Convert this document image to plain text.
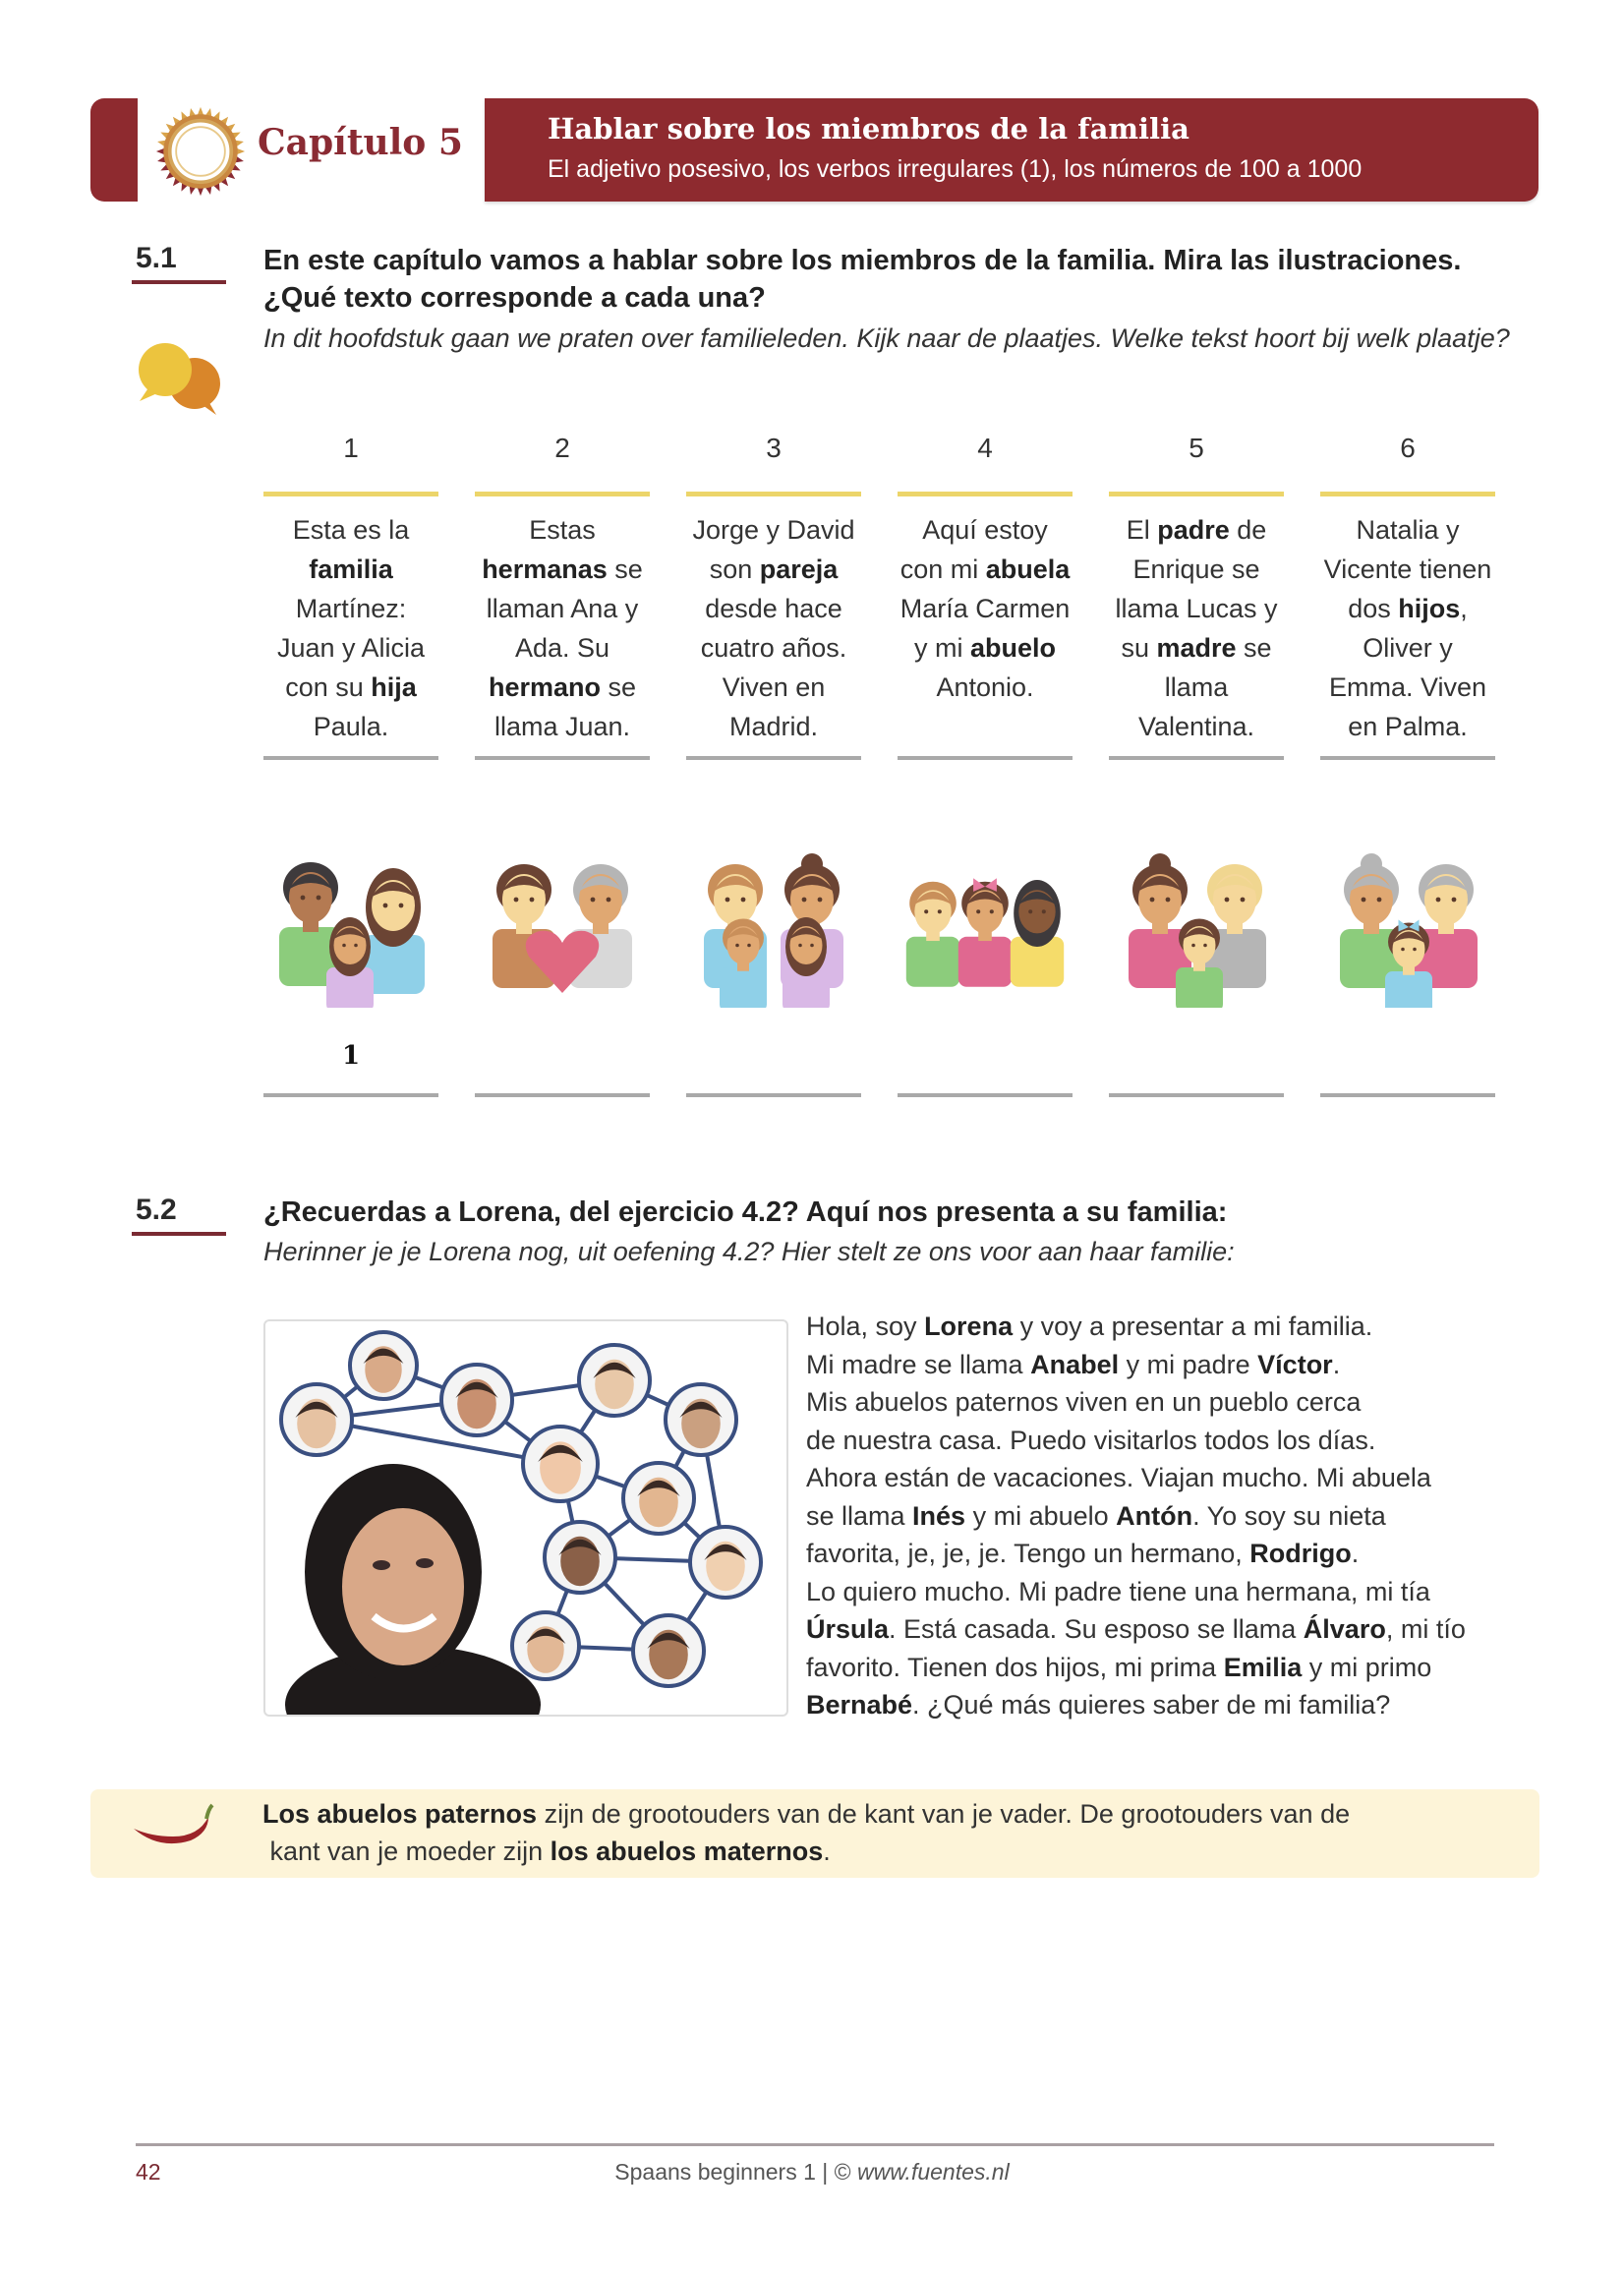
Capítulo 5	Hablar sobre los miembros de la familia
El adjetivo posesivo, los verbos irregulares (1), los números de 100 a 1000
5.1	En este capítulo vamos a hablar sobre los miembros de la familia. Mira las ilustraciones. ¿Qué texto corresponde a cada una?
In dit hoofdstuk gaan we praten over familieleden. Kijk naar de plaatjes. Welke tekst hoort bij welk plaatje?
1
Esta es la familia Martínez: Juan y Alicia con su hija Paula.
2
Estas hermanas se llaman Ana y Ada. Su hermano se llama Juan.
3
Jorge y David son pareja desde hace cuatro años. Viven en Madrid.
4
Aquí estoy con mi abuela María Carmen y mi abuelo Antonio.
5
El padre de Enrique se llama Lucas y su madre se llama Valentina.
6
Natalia y Vicente tienen dos hijos, Oliver y Emma. Viven en Palma.
1
5.2	¿Recuerdas a Lorena, del ejercicio 4.2? Aquí nos presenta a su familia:
Herinner je je Lorena nog, uit oefening 4.2? Hier stelt ze ons voor aan haar familie:
Hola, soy Lorena y voy a presentar a mi familia.
Mi madre se llama Anabel y mi padre Víctor.
Mis abuelos paternos viven en un pueblo cerca
de nuestra casa. Puedo visitarlos todos los días.
Ahora están de vacaciones. Viajan mucho. Mi abuela
se llama Inés y mi abuelo Antón. Yo soy su nieta
favorita, je, je, je. Tengo un hermano, Rodrigo.
Lo quiero mucho. Mi padre tiene una hermana, mi tía
Úrsula. Está casada. Su esposo se llama Álvaro, mi tío
favorito. Tienen dos hijos, mi prima Emilia y mi primo
Bernabé. ¿Qué más quieres saber de mi familia?
Los abuelos paternos zijn de grootouders van de kant van je vader. De grootouders van de
kant van je moeder zijn los abuelos maternos.
42	Spaans beginners 1 | © www.fuentes.nl
